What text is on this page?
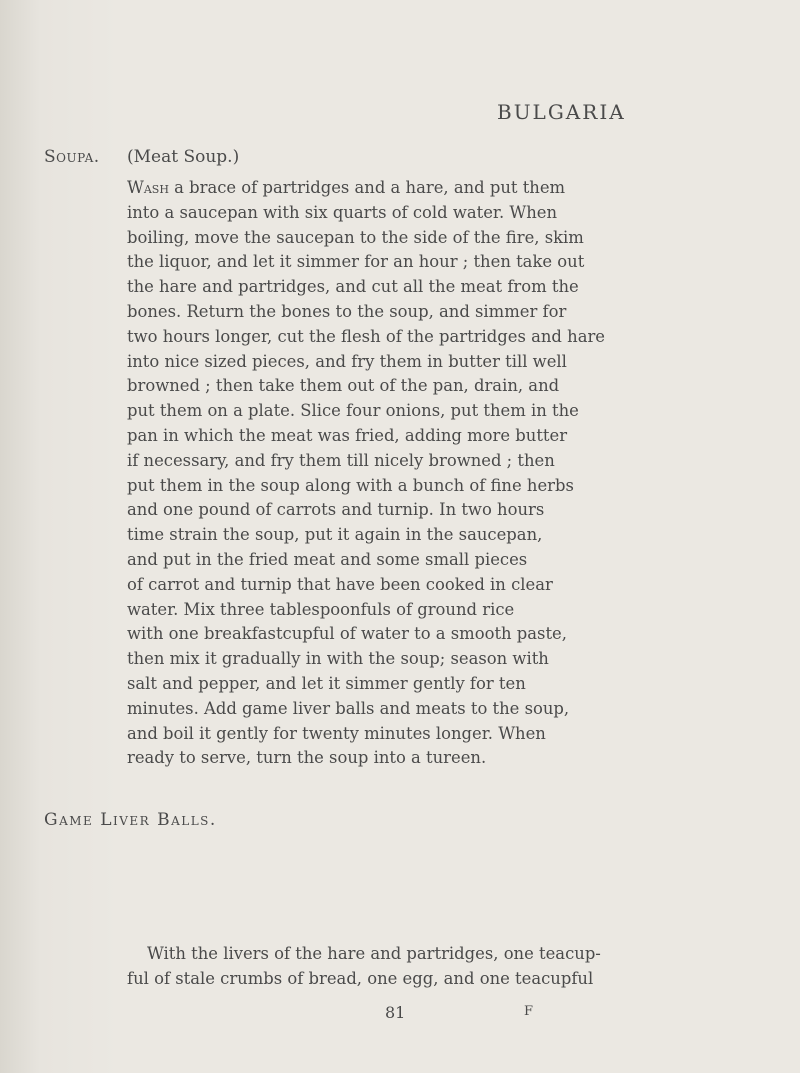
BULGARIA
Soupa. (Meat Soup.)
Wash a brace of partridges and a hare, and put them
into a saucepan with six quarts of cold water. When
boiling, move the saucepan to the side of the fire, skim
the liquor, and let it simmer for an hour ; then take out
the hare and partridges, and cut all the meat from the
bones. Return the bones to the soup, and simmer for
two hours longer, cut the flesh of the partridges and hare
into nice sized pieces, and fry them in butter till well
browned ; then take them out of the pan, drain, and
put them on a plate. Slice four onions, put them in the
pan in which the meat was fried, adding more butter
if necessary, and fry them till nicely browned ; then
put them in the soup along with a bunch of fine herbs
and one pound of carrots and turnip. In two hours
time strain the soup, put it again in the saucepan,
and put in the fried meat and some small pieces
of carrot and turnip that have been cooked in clear
water. Mix three tablespoonfuls of ground rice
with one breakfastcupful of water to a smooth paste,
then mix it gradually in with the soup; season with
salt and pepper, and let it simmer gently for ten
minutes. Add game liver balls and meats to the soup,
and boil it gently for twenty minutes longer. When
ready to serve, turn the soup into a tureen.
Game Liver Balls.
With the livers of the hare and partridges, one teacup-
ful of stale crumbs of bread, one egg, and one teacupful
81	F
